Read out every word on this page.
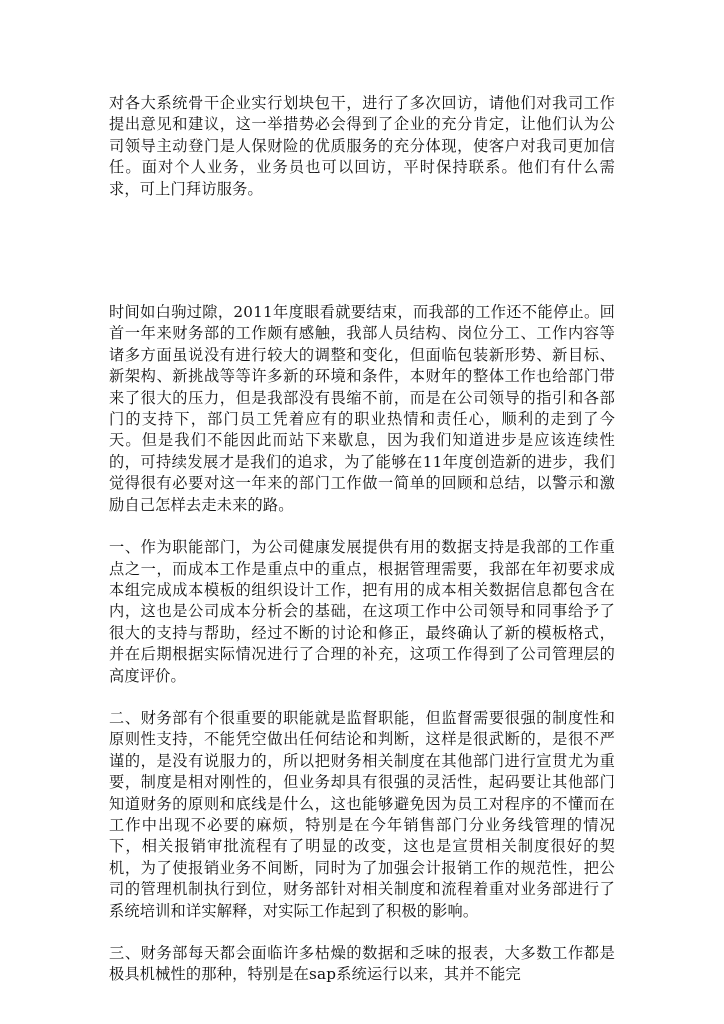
对各大系统骨干企业实行划块包干，进行了多次回访，请他们对我司工作提出意见和建议，这一举措势必会得到了企业的充分肯定，让他们认为公司领导主动登门是人保财险的优质服务的充分体现，使客户对我司更加信任。面对个人业务，业务员也可以回访，平时保持联系。他们有什么需求，可上门拜访服务。

时间如白驹过隙，2011年度眼看就要结束，而我部的工作还不能停止。回首一年来财务部的工作颇有感触，我部人员结构、岗位分工、工作内容等诸多方面虽说没有进行较大的调整和变化，但面临包装新形势、新目标、新架构、新挑战等等许多新的环境和条件，本财年的整体工作也给部门带来了很大的压力，但是我部没有畏缩不前，而是在公司领导的指引和各部门的支持下，部门员工凭着应有的职业热情和责任心，顺利的走到了今天。但是我们不能因此而站下来歇息，因为我们知道进步是应该连续性的，可持续发展才是我们的追求，为了能够在11年度创造新的进步，我们觉得很有必要对这一年来的部门工作做一简单的回顾和总结，以警示和激励自己怎样去走未来的路。

一、作为职能部门，为公司健康发展提供有用的数据支持是我部的工作重点之一，而成本工作是重点中的重点，根据管理需要，我部在年初要求成本组完成成本模板的组织设计工作，把有用的成本相关数据信息都包含在内，这也是公司成本分析会的基础，在这项工作中公司领导和同事给予了很大的支持与帮助，经过不断的讨论和修正，最终确认了新的模板格式，并在后期根据实际情况进行了合理的补充，这项工作得到了公司管理层的高度评价。

二、财务部有个很重要的职能就是监督职能，但监督需要很强的制度性和原则性支持，不能凭空做出任何结论和判断，这样是很武断的，是很不严谨的，是没有说服力的，所以把财务相关制度在其他部门进行宣贯尤为重要，制度是相对刚性的，但业务却具有很强的灵活性，起码要让其他部门知道财务的原则和底线是什么，这也能够避免因为员工对程序的不懂而在工作中出现不必要的麻烦，特别是在今年销售部门分业务线管理的情况下，相关报销审批流程有了明显的改变，这也是宣贯相关制度很好的契机，为了使报销业务不间断，同时为了加强会计报销工作的规范性，把公司的管理机制执行到位，财务部针对相关制度和流程着重对业务部进行了系统培训和详实解释，对实际工作起到了积极的影响。

三、财务部每天都会面临许多枯燥的数据和乏味的报表，大多数工作都是极具机械性的那种，特别是在sap系统运行以来，其并不能完
